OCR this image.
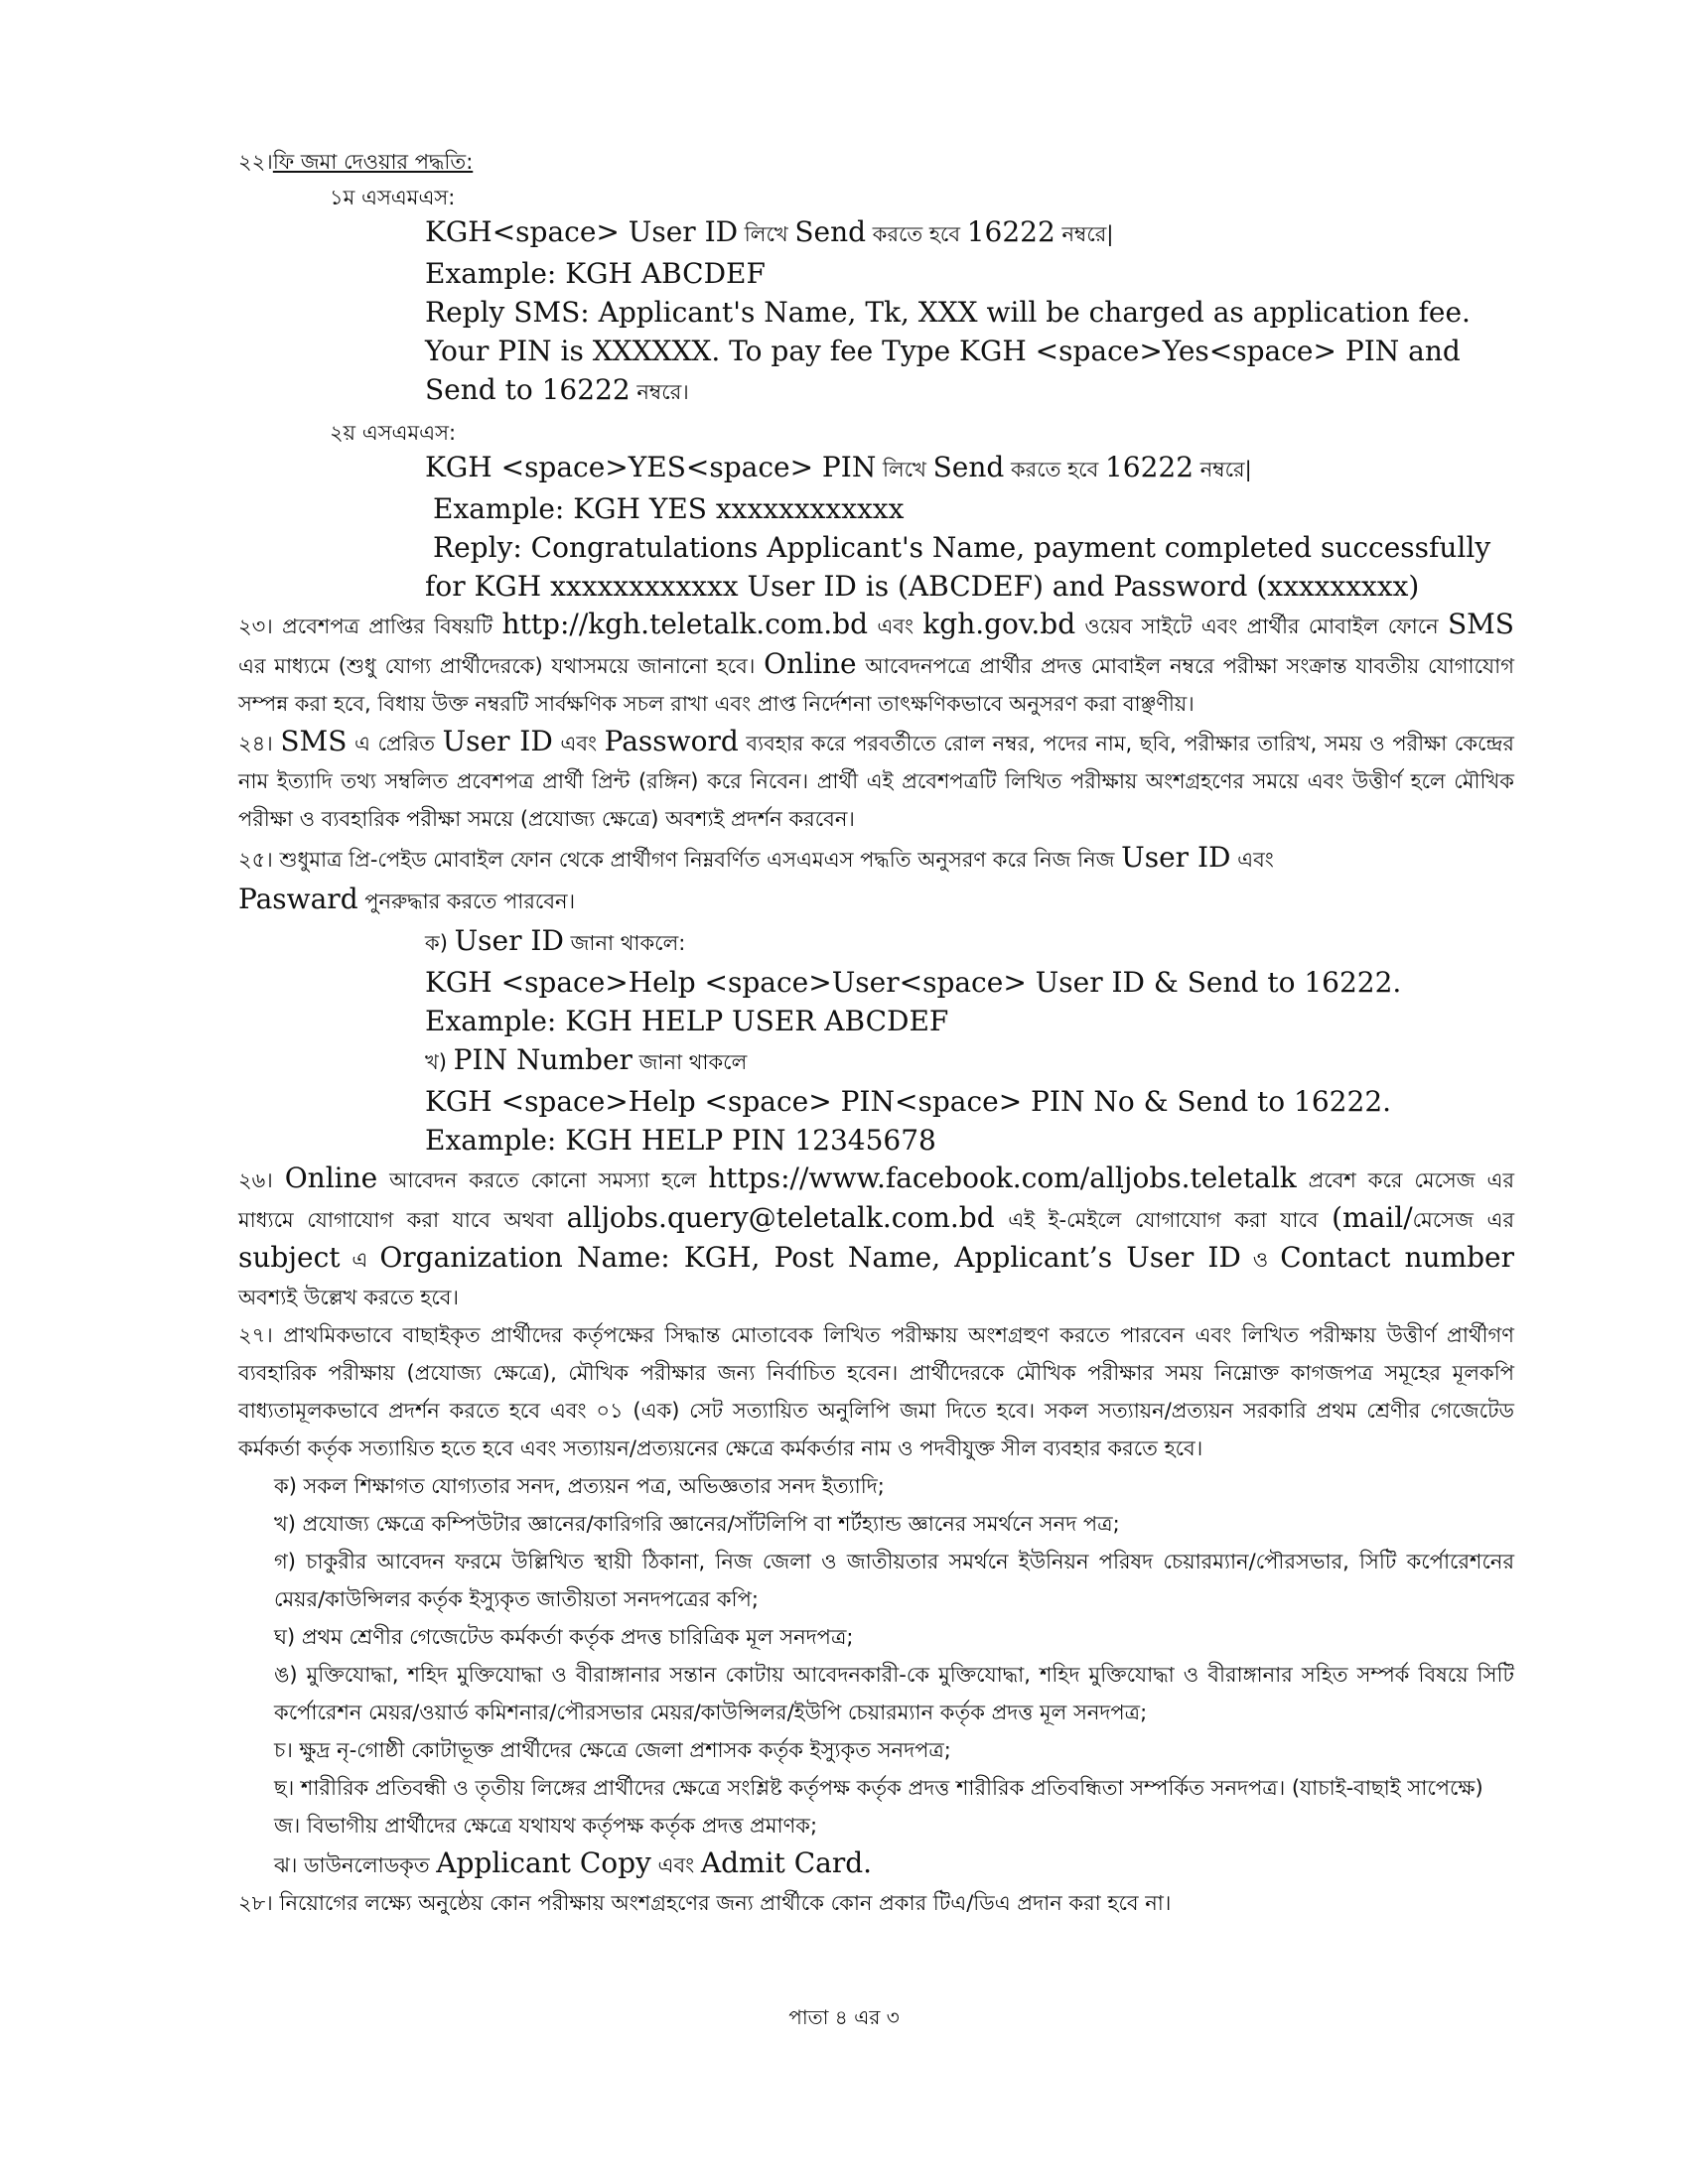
২২।ফি জমা দেওয়ার পদ্ধতি:
১ম এসএমএস:
KGH<space> User ID লিখে Send করতে হবে 16222 নম্বরে|
Example: KGH ABCDEF
Reply SMS: Applicant's Name, Tk, XXX will be charged as application fee.
Your PIN is XXXXXX. To pay fee Type KGH <space>Yes<space> PIN and
Send to 16222 নম্বরে।
২য় এসএমএস:
KGH <space>YES<space> PIN লিখে Send করতে হবে 16222 নম্বরে|
Example: KGH YES xxxxxxxxxxxx
Reply: Congratulations Applicant's Name, payment completed successfully
for KGH xxxxxxxxxxxx User ID is (ABCDEF) and Password (xxxxxxxxx)
২৩। প্রবেশপত্র প্রাপ্তির বিষয়টি http://kgh.teletalk.com.bd এবং kgh.gov.bd ওয়েব সাইটে এবং প্রার্থীর মোবাইল ফোনে SMS এর মাধ্যমে (শুধু যোগ্য প্রার্থীদেরকে) যথাসময়ে জানানো হবে। Online আবেদনপত্রে প্রার্থীর প্রদত্ত মোবাইল নম্বরে পরীক্ষা সংক্রান্ত যাবতীয় যোগাযোগ সম্পন্ন করা হবে, বিধায় উক্ত নম্বরটি সার্বক্ষণিক সচল রাখা এবং প্রাপ্ত নির্দেশনা তাৎক্ষণিকভাবে অনুসরণ করা বাঞ্ছণীয়।
২৪। SMS এ প্রেরিত User ID এবং Password ব্যবহার করে পরবর্তীতে রোল নম্বর, পদের নাম, ছবি, পরীক্ষার তারিখ, সময় ও পরীক্ষা কেন্দ্রের নাম ইত্যাদি তথ্য সম্বলিত প্রবেশপত্র প্রার্থী প্রিন্ট (রঙ্গিন) করে নিবেন। প্রার্থী এই প্রবেশপত্রটি লিখিত পরীক্ষায় অংশগ্রহণের সময়ে এবং উত্তীর্ণ হলে মৌখিক পরীক্ষা ও ব্যবহারিক পরীক্ষা সময়ে (প্রযোজ্য ক্ষেত্রে) অবশ্যই প্রদর্শন করবেন।
২৫। শুধুমাত্র প্রি-পেইড মোবাইল ফোন থেকে প্রার্থীগণ নিম্নবর্ণিত এসএমএস পদ্ধতি অনুসরণ করে নিজ নিজ User ID এবং
Pasward পুনরুদ্ধার করতে পারবেন।
ক) User ID জানা থাকলে:
KGH <space>Help <space>User<space> User ID & Send to 16222.
Example: KGH HELP USER ABCDEF
খ) PIN Number জানা থাকলে
KGH <space>Help <space> PIN<space> PIN No & Send to 16222.
Example: KGH HELP PIN 12345678
২৬। Online আবেদন করতে কোনো সমস্যা হলে https://www.facebook.com/alljobs.teletalk প্রবেশ করে মেসেজ এর মাধ্যমে যোগাযোগ করা যাবে অথবা alljobs.query@teletalk.com.bd এই ই-মেইলে যোগাযোগ করা যাবে (mail/মেসেজ এর subject এ Organization Name: KGH, Post Name, Applicant’s User ID ও Contact number অবশ্যই উল্লেখ করতে হবে।
২৭। প্রাথমিকভাবে বাছাইকৃত প্রার্থীদের কর্তৃপক্ষের সিদ্ধান্ত মোতাবেক লিখিত পরীক্ষায় অংশগ্রহুণ করতে পারবেন এবং লিখিত পরীক্ষায় উত্তীর্ণ প্রার্থীগণ ব্যবহারিক পরীক্ষায় (প্রযোজ্য ক্ষেত্রে), মৌখিক পরীক্ষার জন্য নির্বাচিত হবেন। প্রার্থীদেরকে মৌখিক পরীক্ষার সময় নিম্নোক্ত কাগজপত্র সমূহের মূলকপি বাধ্যতামূলকভাবে প্রদর্শন করতে হবে এবং ০১ (এক) সেট সত্যায়িত অনুলিপি জমা দিতে হবে। সকল সত্যায়ন/প্রত্যয়ন সরকারি প্রথম শ্রেণীর গেজেটেড কর্মকর্তা কর্তৃক সত্যায়িত হতে হবে এবং সত্যায়ন/প্রত্যয়নের ক্ষেত্রে কর্মকর্তার নাম ও পদবীযুক্ত সীল ব্যবহার করতে হবে।
ক) সকল শিক্ষাগত যোগ্যতার সনদ, প্রত্যয়ন পত্র, অভিজ্ঞতার সনদ ইত্যাদি;
খ) প্রযোজ্য ক্ষেত্রে কম্পিউটার জ্ঞানের/কারিগরি জ্ঞানের/সাঁটলিপি বা শর্টহ্যান্ড জ্ঞানের সমর্থনে সনদ পত্র;
গ) চাকুরীর আবেদন ফরমে উল্লিখিত স্থায়ী ঠিকানা, নিজ জেলা ও জাতীয়তার সমর্থনে ইউনিয়ন পরিষদ চেয়ারম্যান/পৌরসভার, সিটি কর্পোরেশনের মেয়র/কাউন্সিলর কর্তৃক ইস্যুকৃত জাতীয়তা সনদপত্রের কপি;
ঘ) প্রথম শ্রেণীর গেজেটেড কর্মকর্তা কর্তৃক প্রদত্ত চারিত্রিক মূল সনদপত্র;
ঙ) মুক্তিযোদ্ধা, শহিদ মুক্তিযোদ্ধা ও বীরাঙ্গানার সন্তান কোটায় আবেদনকারী-কে মুক্তিযোদ্ধা, শহিদ মুক্তিযোদ্ধা ও বীরাঙ্গানার সহিত সম্পর্ক বিষয়ে সিটি কর্পোরেশন মেয়র/ওয়ার্ড কমিশনার/পৌরসভার মেয়র/কাউন্সিলর/ইউপি চেয়ারম্যান কর্তৃক প্রদত্ত মূল সনদপত্র;
চ। ক্ষুদ্র নৃ-গোষ্ঠী কোটাভূক্ত প্রার্থীদের ক্ষেত্রে জেলা প্রশাসক কর্তৃক ইস্যুকৃত সনদপত্র;
ছ। শারীরিক প্রতিবন্ধী ও তৃতীয় লিঙ্গের প্রার্থীদের ক্ষেত্রে সংশ্লিষ্ট কর্তৃপক্ষ কর্তৃক প্রদত্ত শারীরিক প্রতিবন্ধিতা সম্পর্কিত সনদপত্র। (যাচাই-বাছাই সাপেক্ষে)
জ। বিভাগীয় প্রার্থীদের ক্ষেত্রে যথাযথ কর্তৃপক্ষ কর্তৃক প্রদত্ত প্রমাণক;
ঝ। ডাউনলোডকৃত Applicant Copy এবং Admit Card.
২৮। নিয়োগের লক্ষ্যে অনুষ্ঠেয় কোন পরীক্ষায় অংশগ্রহণের জন্য প্রার্থীকে কোন প্রকার টিএ/ডিএ প্রদান করা হবে না।
পাতা ৪ এর ৩
